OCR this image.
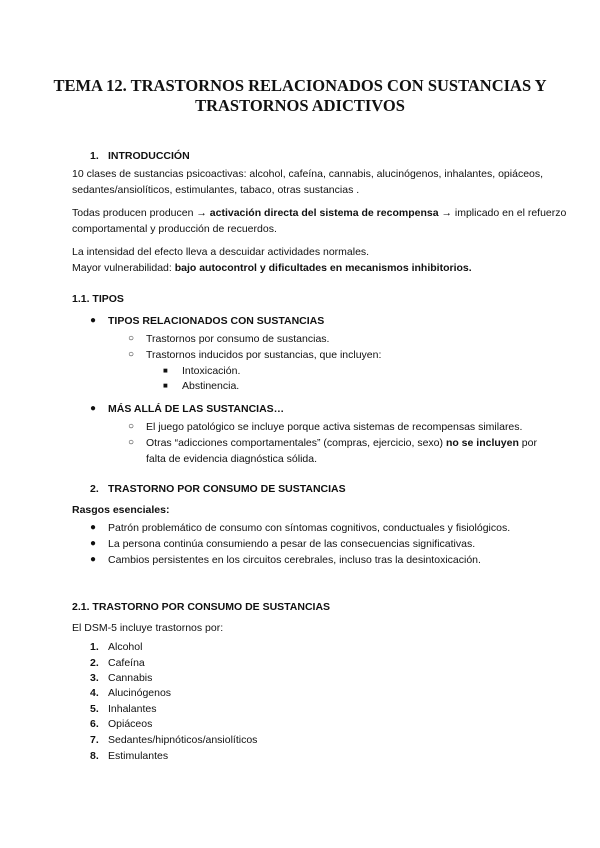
TEMA 12. TRASTORNOS RELACIONADOS CON SUSTANCIAS Y
TRASTORNOS ADICTIVOS
1. INTRODUCCIÓN
10 clases de sustancias psicoactivas: alcohol, cafeína, cannabis, alucinógenos, inhalantes, opiáceos,
sedantes/ansiolíticos, estimulantes, tabaco, otras sustancias .
Todas producen producen → activación directa del sistema de recompensa → implicado en el refuerzo
comportamental y producción de recuerdos.
La intensidad del efecto lleva a descuidar actividades normales.
Mayor vulnerabilidad: bajo autocontrol y dificultades en mecanismos inhibitorios.
1.1. TIPOS
● TIPOS RELACIONADOS CON SUSTANCIAS
○ Trastornos por consumo de sustancias.
○ Trastornos inducidos por sustancias, que incluyen:
■ Intoxicación.
■ Abstinencia.
● MÁS ALLÁ DE LAS SUSTANCIAS…
○ El juego patológico se incluye porque activa sistemas de recompensas similares.
○ Otras “adicciones comportamentales” (compras, ejercicio, sexo) no se incluyen por
falta de evidencia diagnóstica sólida.
2. TRASTORNO POR CONSUMO DE SUSTANCIAS
Rasgos esenciales:
● Patrón problemático de consumo con síntomas cognitivos, conductuales y fisiológicos.
● La persona continúa consumiendo a pesar de las consecuencias significativas.
● Cambios persistentes en los circuitos cerebrales, incluso tras la desintoxicación.
2.1. TRASTORNO POR CONSUMO DE SUSTANCIAS
El DSM-5 incluye trastornos por:
1. Alcohol
2. Cafeína
3. Cannabis
4. Alucinógenos
5. Inhalantes
6. Opiáceos
7. Sedantes/hipnóticos/ansiolíticos
8. Estimulantes
